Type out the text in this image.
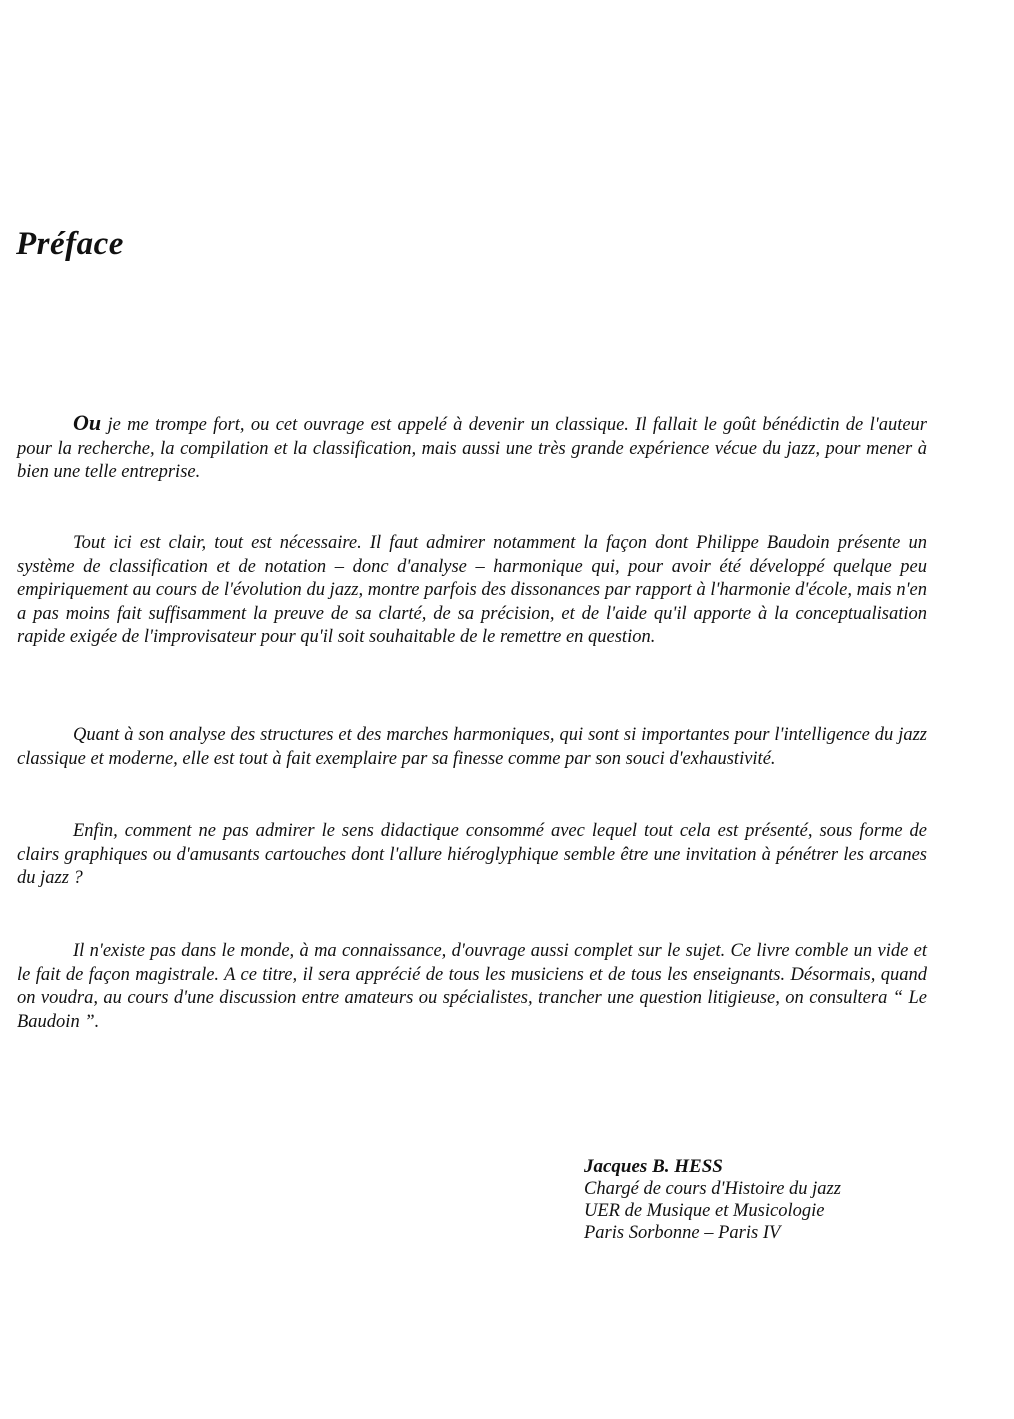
Préface

Ou je me trompe fort, ou cet ouvrage est appelé à devenir un classique. Il fallait le goût bénédictin de l'auteur pour la recherche, la compilation et la classification, mais aussi une très grande expérience vécue du jazz, pour mener à bien une telle entreprise.

Tout ici est clair, tout est nécessaire. Il faut admirer notamment la façon dont Philippe Baudoin présente un système de classification et de notation – donc d'analyse – harmonique qui, pour avoir été développé quelque peu empiriquement au cours de l'évolution du jazz, montre parfois des dissonances par rapport à l'harmonie d'école, mais n'en a pas moins fait suffisamment la preuve de sa clarté, de sa précision, et de l'aide qu'il apporte à la conceptualisation rapide exigée de l'improvisateur pour qu'il soit souhaitable de le remettre en question.

Quant à son analyse des structures et des marches harmoniques, qui sont si importantes pour l'intelligence du jazz classique et moderne, elle est tout à fait exemplaire par sa finesse comme par son souci d'exhaustivité.

Enfin, comment ne pas admirer le sens didactique consommé avec lequel tout cela est présenté, sous forme de clairs graphiques ou d'amusants cartouches dont l'allure hiéroglyphique semble être une invitation à pénétrer les arcanes du jazz ?

Il n'existe pas dans le monde, à ma connaissance, d'ouvrage aussi complet sur le sujet. Ce livre comble un vide et le fait de façon magistrale. A ce titre, il sera apprécié de tous les musiciens et de tous les enseignants. Désormais, quand on voudra, au cours d'une discussion entre amateurs ou spécialistes, trancher une question litigieuse, on consultera “ Le Baudoin ”.

Jacques B. HESS
Chargé de cours d'Histoire du jazz
UER de Musique et Musicologie
Paris Sorbonne – Paris IV
